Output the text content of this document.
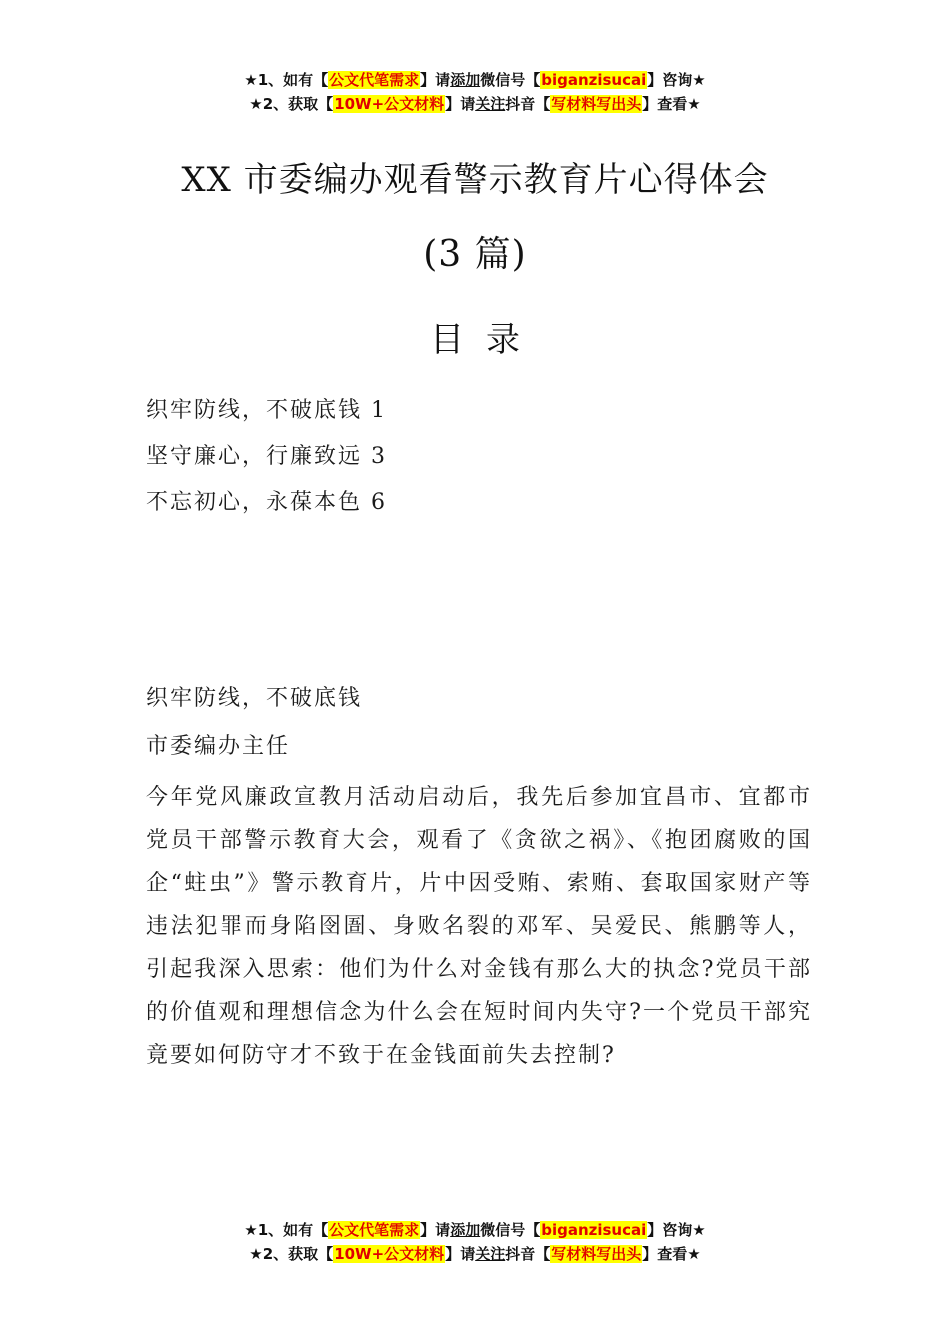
★1、如有【公文代笔需求】请添加微信号【biganzisucai】咨询★
★2、获取【10W+公文材料】请关注抖音【写材料写出头】查看★
XX 市委编办观看警示教育片心得体会
(3 篇)
目录
织牢防线，不破底钱 1
坚守廉心，行廉致远 3
不忘初心，永葆本色 6
织牢防线，不破底钱
市委编办主任
今年党风廉政宣教月活动启动后，我先后参加宜昌市、宜都市党员干部警示教育大会，观看了《贪欲之祸》、《抱团腐败的国企“蛀虫”》警示教育片，片中因受贿、索贿、套取国家财产等违法犯罪而身陷囹圄、身败名裂的邓军、吴爱民、熊鹏等人，引起我深入思索：他们为什么对金钱有那么大的执念?党员干部的价值观和理想信念为什么会在短时间内失守?一个党员干部究竟要如何防守才不致于在金钱面前失去控制?
★1、如有【公文代笔需求】请添加微信号【biganzisucai】咨询★
★2、获取【10W+公文材料】请关注抖音【写材料写出头】查看★
